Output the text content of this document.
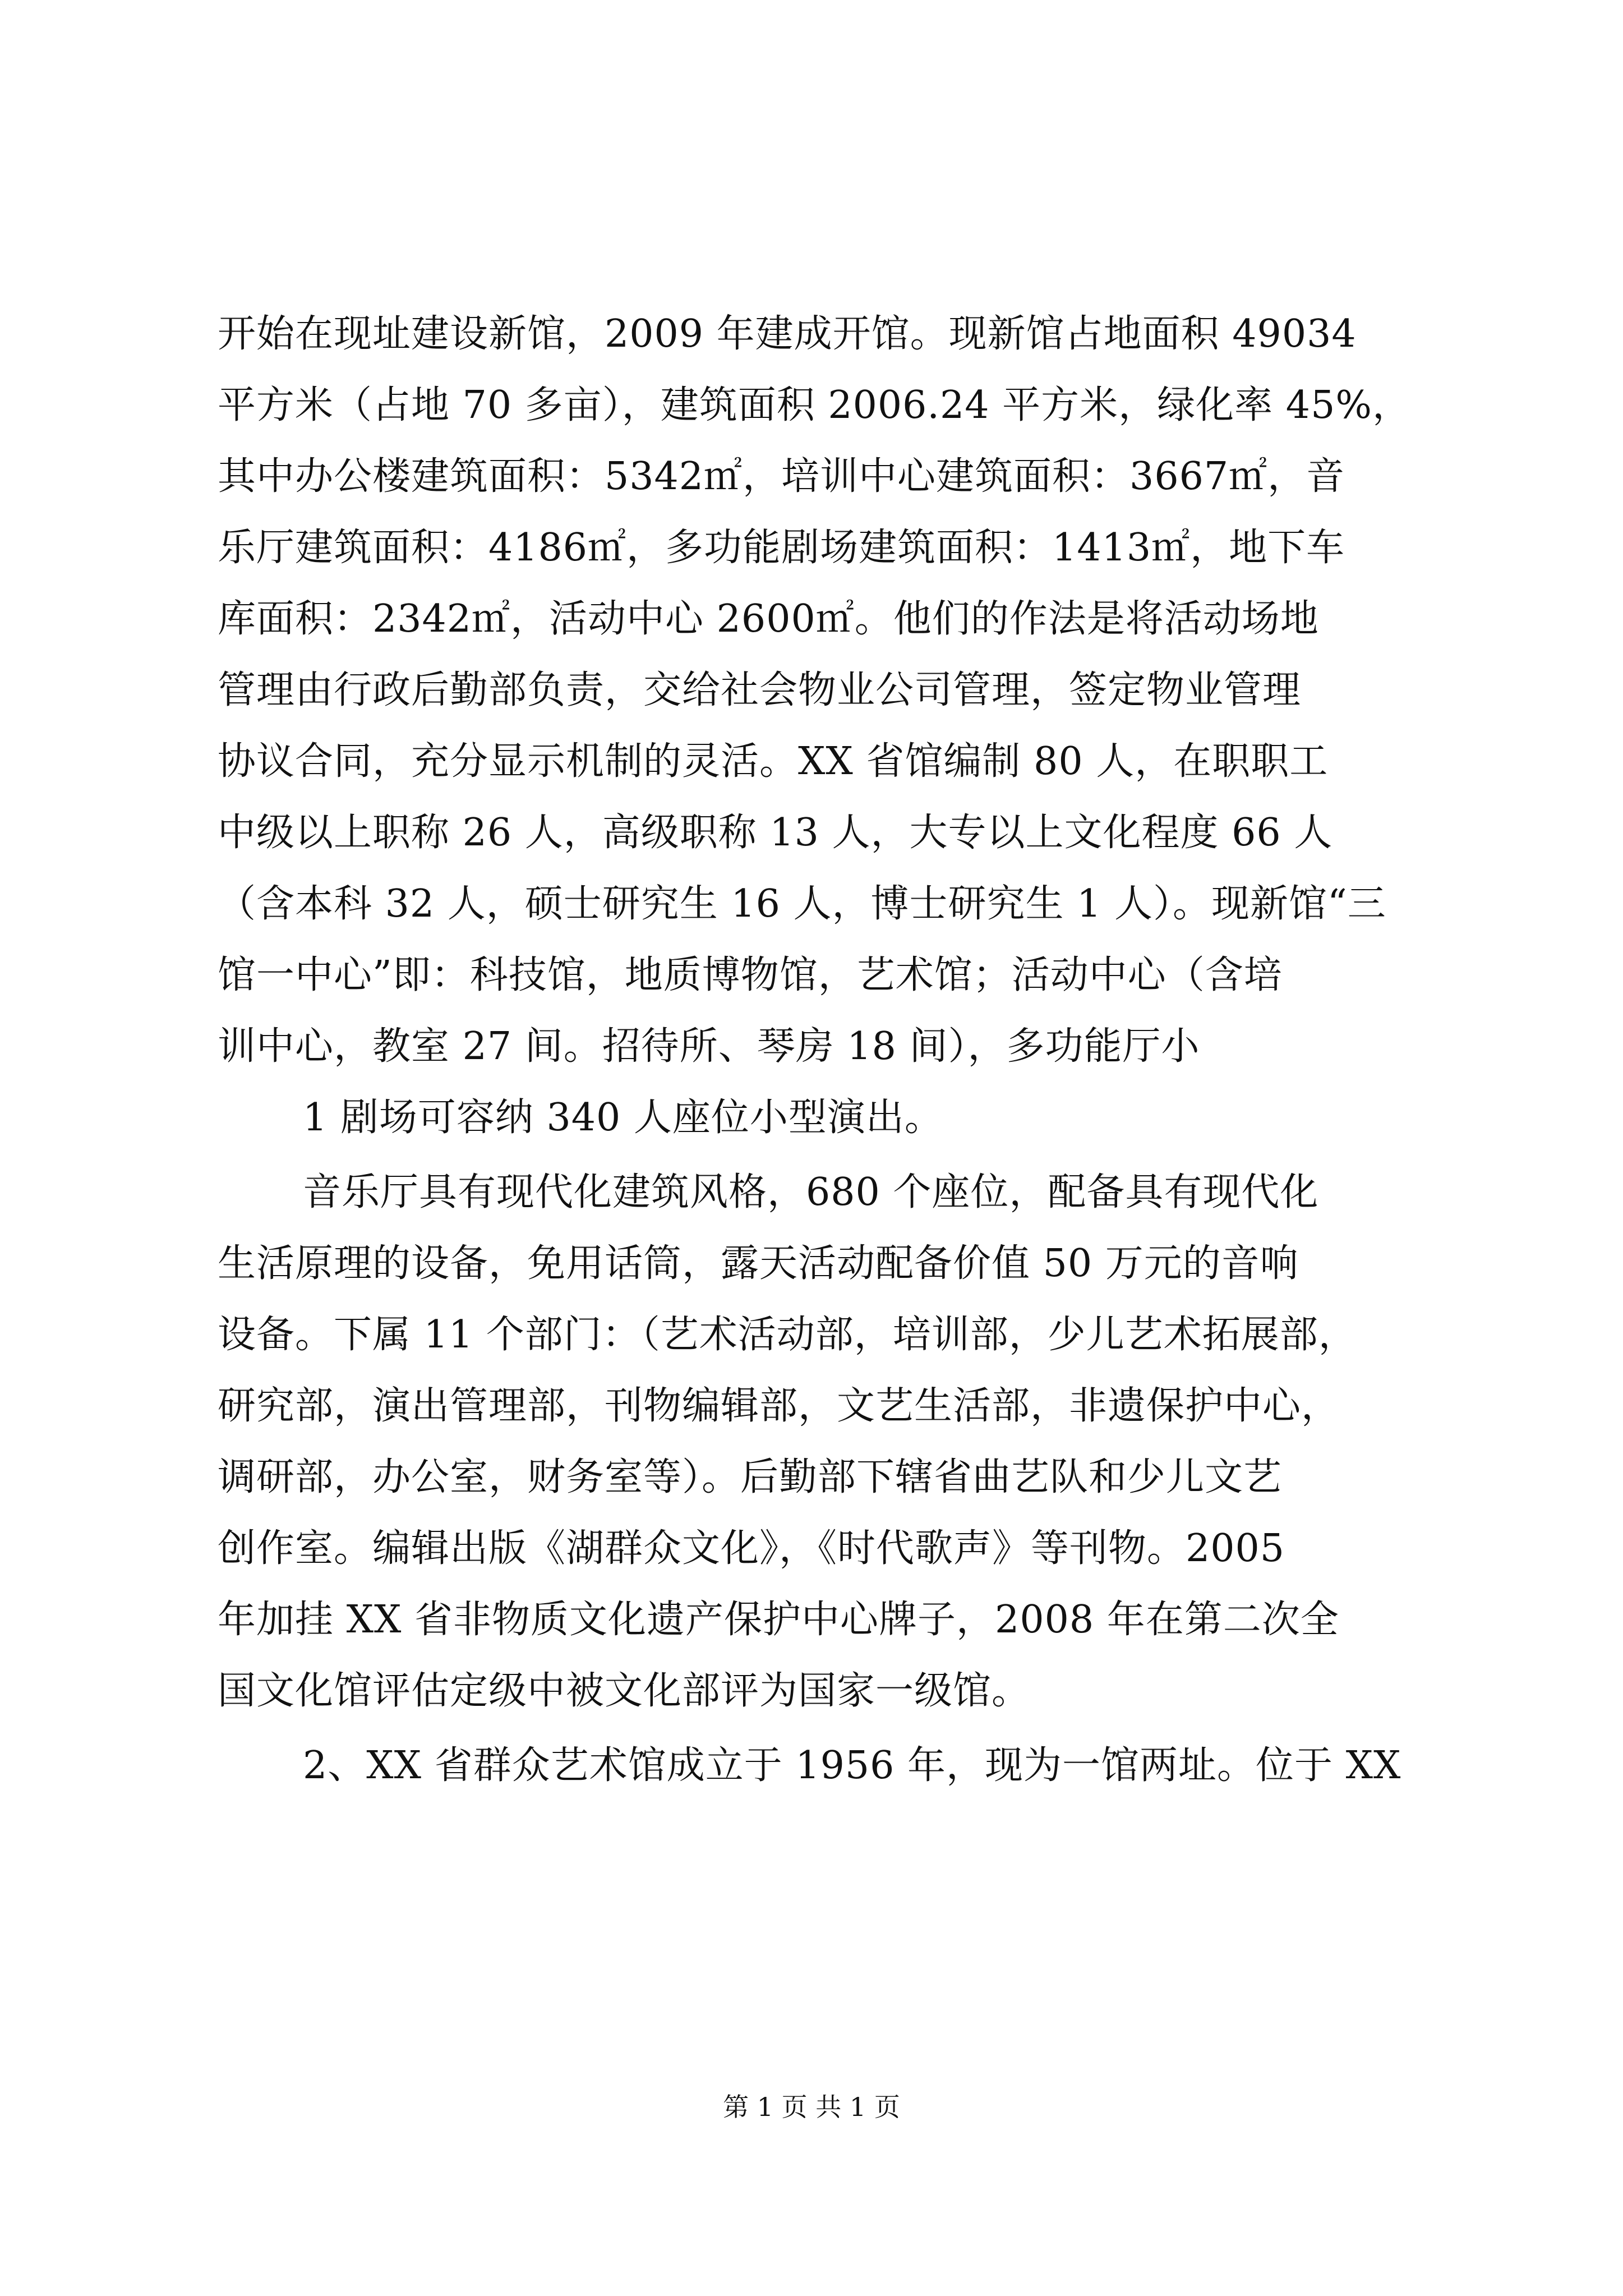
开始在现址建设新馆，2009 年建成开馆。现新馆占地面积 49034
平方米（占地 70 多亩），建筑面积 2006.24 平方米，绿化率 45%，
其中办公楼建筑面积：5342㎡，培训中心建筑面积：3667㎡，音
乐厅建筑面积：4186㎡，多功能剧场建筑面积：1413㎡，地下车
库面积：2342㎡，活动中心 2600㎡。他们的作法是将活动场地
管理由行政后勤部负责，交给社会物业公司管理，签定物业管理
协议合同，充分显示机制的灵活。XX 省馆编制 80 人，在职职工
中级以上职称 26 人，高级职称 13 人，大专以上文化程度 66 人
（含本科 32 人，硕士研究生 16 人，博士研究生 1 人）。现新馆“三
馆一中心”即：科技馆，地质博物馆，艺术馆；活动中心（含培
训中心，教室 27 间。招待所、琴房 18 间），多功能厅小
1 剧场可容纳 340 人座位小型演出。
音乐厅具有现代化建筑风格，680 个座位，配备具有现代化
生活原理的设备，免用话筒，露天活动配备价值 50 万元的音响
设备。下属 11 个部门：（艺术活动部，培训部，少儿艺术拓展部，
研究部，演出管理部，刊物编辑部，文艺生活部，非遗保护中心，
调研部，办公室，财务室等）。后勤部下辖省曲艺队和少儿文艺
创作室。编辑出版《湖群众文化》，《时代歌声》等刊物。2005
年加挂 XX 省非物质文化遗产保护中心牌子，2008 年在第二次全
国文化馆评估定级中被文化部评为国家一级馆。
2、XX 省群众艺术馆成立于 1956 年，现为一馆两址。位于 XX
第 1 页 共 1 页
